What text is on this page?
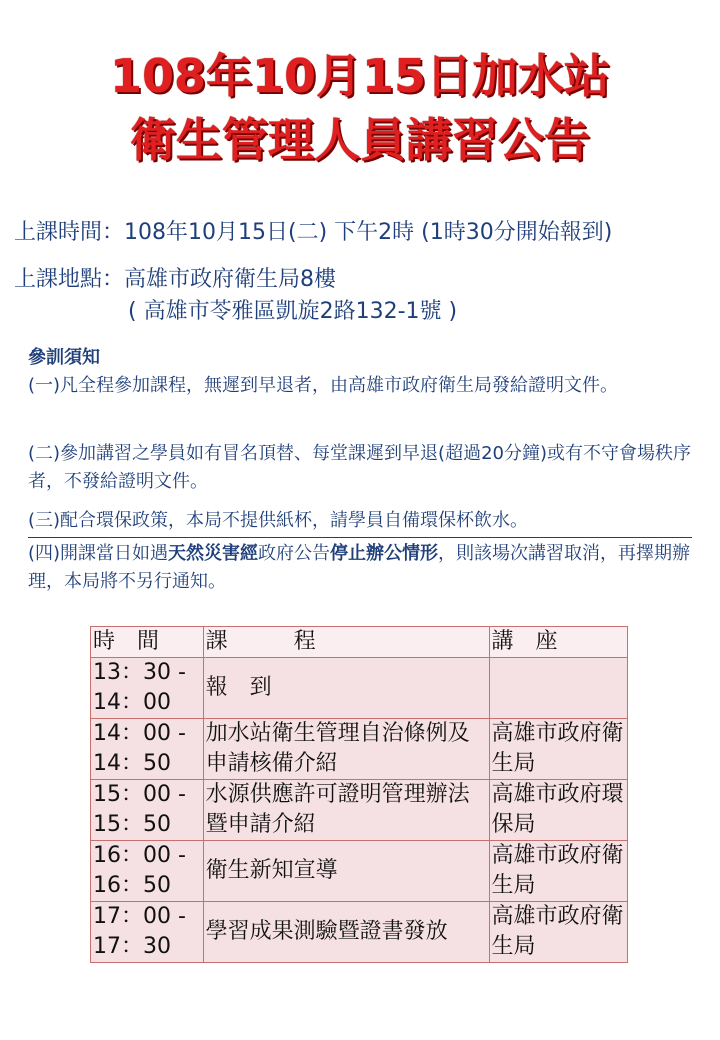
108年10月15日加水站
衛生管理人員講習公告
上課時間：108年10月15日(二) 下午2時 (1時30分開始報到)
上課地點：高雄市政府衛生局8樓
( 高雄市苓雅區凱旋2路132-1號 )
參訓須知
(一)凡全程參加課程，無遲到早退者，由高雄市政府衛生局發給證明文件。
(二)參加講習之學員如有冒名頂替、每堂課遲到早退(超過20分鐘)或有不守會場秩序者，不發給證明文件。
(三)配合環保政策，本局不提供紙杯，請學員自備環保杯飲水。
(四)開課當日如遇天然災害經政府公告停止辦公情形，則該場次講習取消，再擇期辦理，本局將不另行通知。
時　間	課　　　程	講　座

13：30 -
14：00	報　到	

14：00 -
14：50	加水站衛生管理自治條例及申請核備介紹	高雄市政府衛生局

15：00 -
15：50	水源供應許可證明管理辦法暨申請介紹	高雄市政府環保局

16：00 -
16：50	衛生新知宣導	高雄市政府衛生局

17：00 -
17：30	學習成果測驗暨證書發放	高雄市政府衛生局
